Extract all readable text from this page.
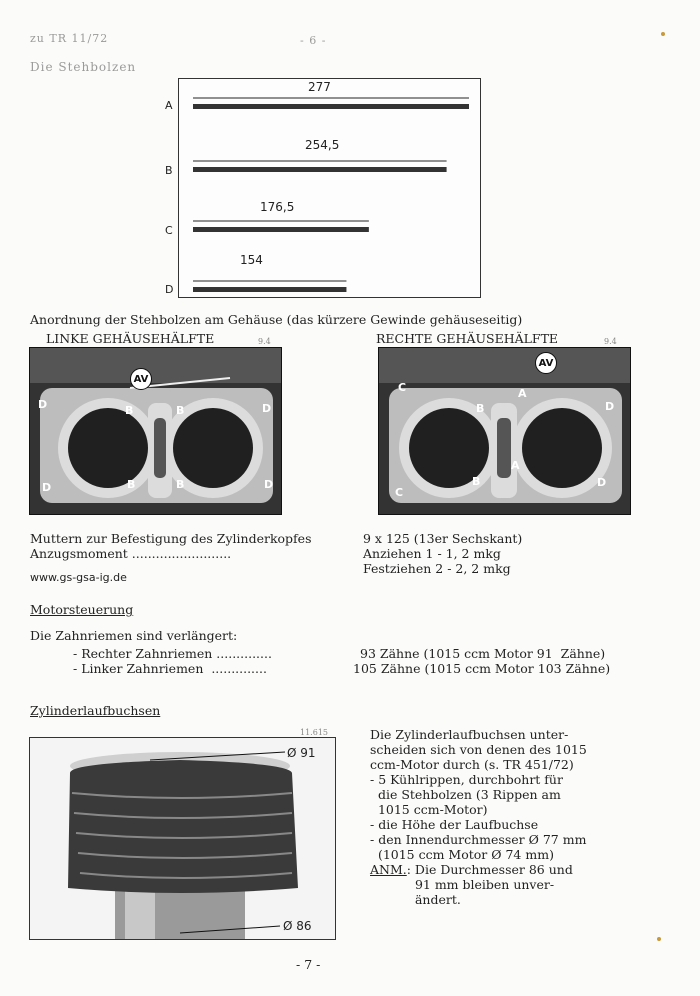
zu TR 11/72	- 6 -
Die Stehbolzen
A
B
C
D
277
254,5
176,5
154
Anordnung der Stehbolzen am Gehäuse (das kürzere Gewinde gehäuseseitig)
LINKE GEHÄUSEHÄLFTE	RECHTE GEHÄUSEHÄLFTE
9.4	9.4
AV
D	D
B	B
D	D
B	B
AV
A
C
B	D
A
B	D
C
Muttern zur Befestigung des Zylinderkopfes	9 x 125 (13er Sechskant)
Anzugsmoment .........................	Anziehen 1 - 1, 2 mkg
Festziehen 2 - 2, 2 mkg
www.gs-gsa-ig.de
Motorsteuerung
Die Zahnriemen sind verlängert:
- Rechter Zahnriemen ..............	93 Zähne (1015 ccm Motor 91  Zähne)
- Linker Zahnriemen  ..............	105 Zähne (1015 ccm Motor 103 Zähne)
Zylinderlaufbuchsen
11.615
Ø 91
Ø 86
Die Zylinderlaufbuchsen unter-
scheiden sich von denen des 1015
ccm-Motor durch (s. TR 451/72)
- 5 Kühlrippen, durchbohrt für
die Stehbolzen (3 Rippen am
1015 ccm-Motor)
- die Höhe der Laufbuchse
- den Innendurchmesser Ø 77 mm
(1015 ccm Motor Ø 74 mm)
ANM. : Die Durchmesser 86 und
91 mm bleiben unver-
ändert.
- 7 -
